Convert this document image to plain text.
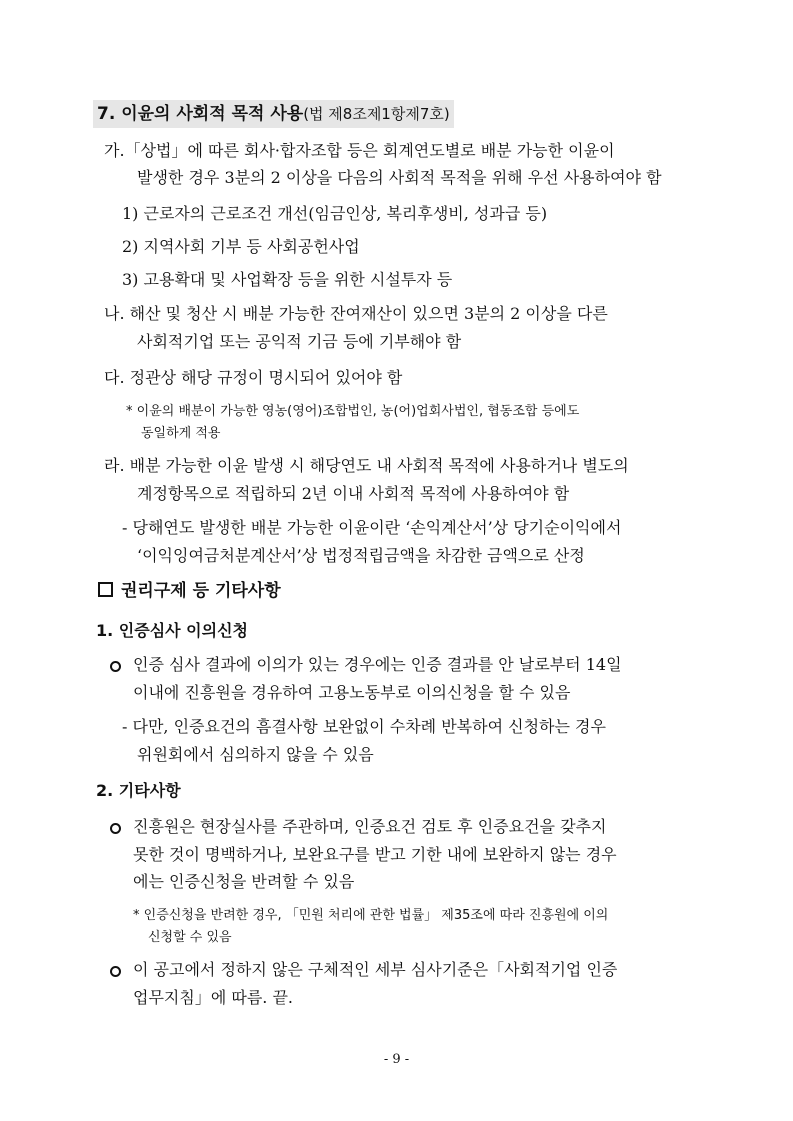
7. 이윤의 사회적 목적 사용(법 제8조제1항제7호)
가.「상법」에 따른 회사·합자조합 등은 회계연도별로 배분 가능한 이윤이
발생한 경우 3분의 2 이상을 다음의 사회적 목적을 위해 우선 사용하여야 함
1) 근로자의 근로조건 개선(임금인상, 복리후생비, 성과급 등)
2) 지역사회 기부 등 사회공헌사업
3) 고용확대 및 사업확장 등을 위한 시설투자 등
나. 해산 및 청산 시 배분 가능한 잔여재산이 있으면 3분의 2 이상을 다른
사회적기업 또는 공익적 기금 등에 기부해야 함
다. 정관상 해당 규정이 명시되어 있어야 함
* 이윤의 배분이 가능한 영농(영어)조합법인, 농(어)업회사법인, 협동조합 등에도
동일하게 적용
라. 배분 가능한 이윤 발생 시 해당연도 내 사회적 목적에 사용하거나 별도의
계정항목으로 적립하되 2년 이내 사회적 목적에 사용하여야 함
- 당해연도 발생한 배분 가능한 이윤이란 ‘손익계산서’상 당기순이익에서
‘이익잉여금처분계산서’상 법정적립금액을 차감한 금액으로 산정
권리구제 등 기타사항
1. 인증심사 이의신청
인증 심사 결과에 이의가 있는 경우에는 인증 결과를 안 날로부터 14일
이내에 진흥원을 경유하여 고용노동부로 이의신청을 할 수 있음
- 다만, 인증요건의 흠결사항 보완없이 수차례 반복하여 신청하는 경우
위원회에서 심의하지 않을 수 있음
2. 기타사항
진흥원은 현장실사를 주관하며, 인증요건 검토 후 인증요건을 갖추지
못한 것이 명백하거나, 보완요구를 받고 기한 내에 보완하지 않는 경우
에는 인증신청을 반려할 수 있음
* 인증신청을 반려한 경우, 「민원 처리에 관한 법률」 제35조에 따라 진흥원에 이의
신청할 수 있음
이 공고에서 정하지 않은 구체적인 세부 심사기준은「사회적기업 인증
업무지침」에 따름. 끝.
- 9 -
